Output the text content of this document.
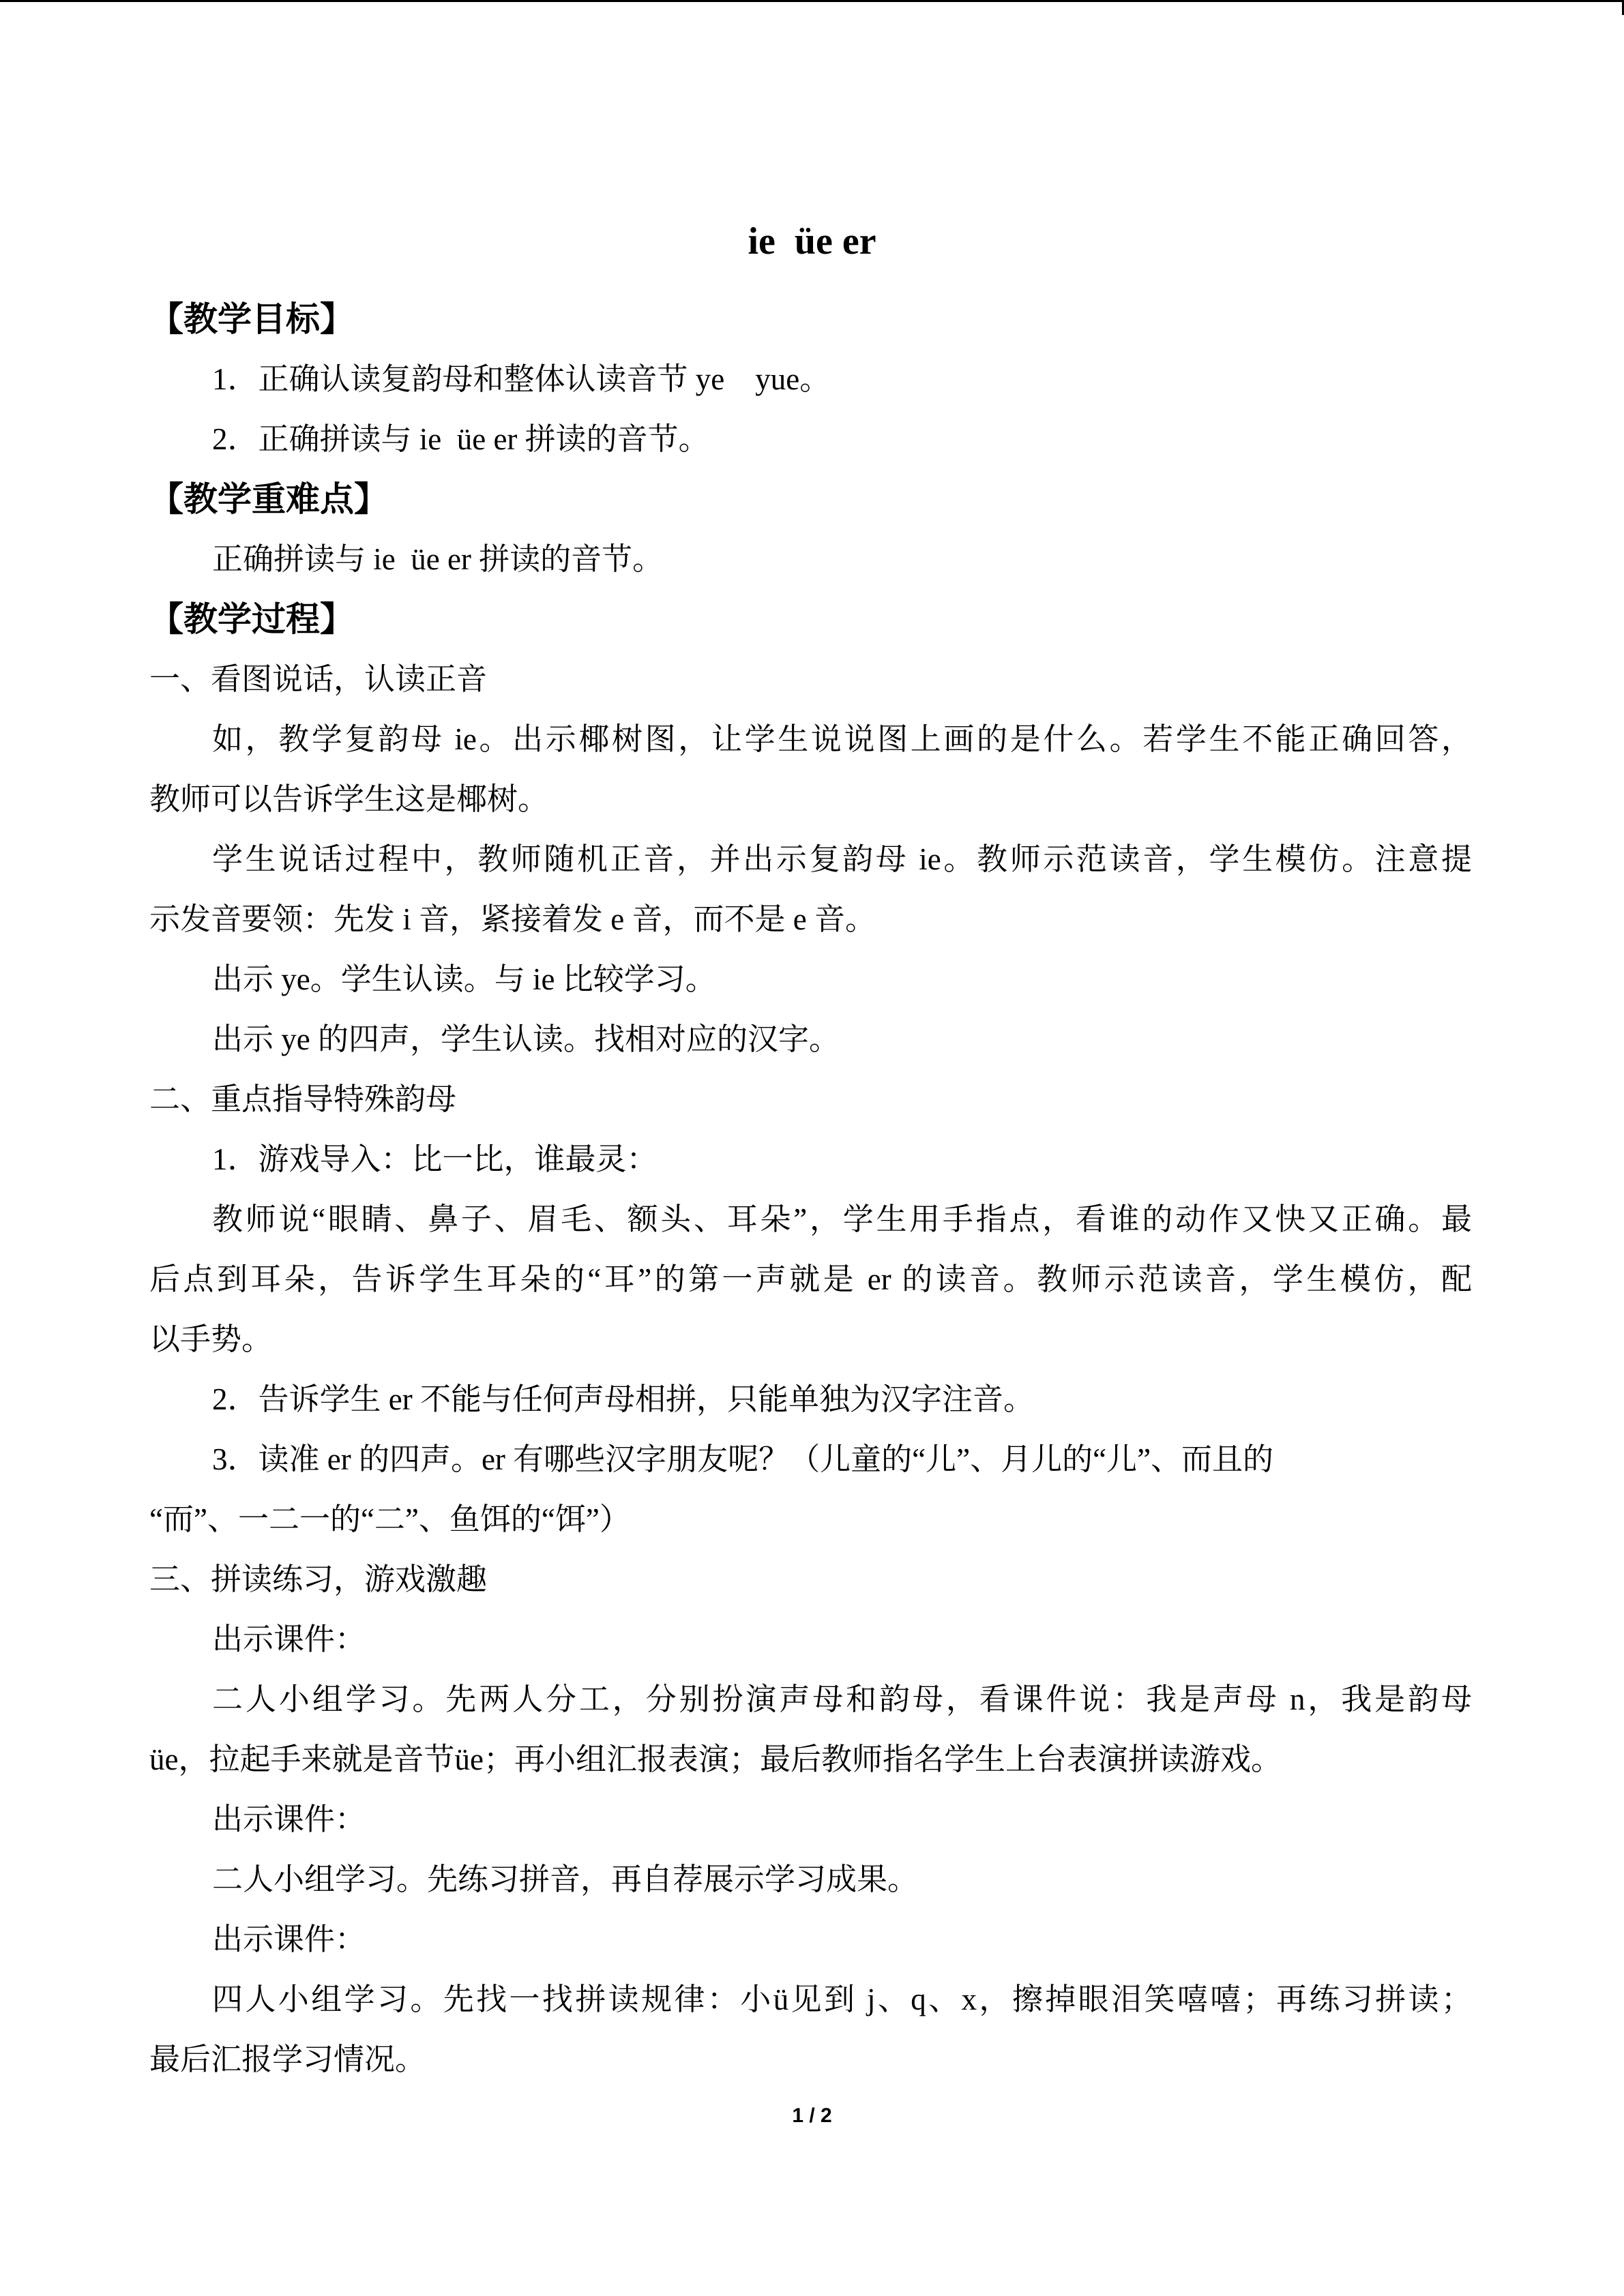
ie  üe er
【教学目标】
1．正确认读复韵母和整体认读音节 ye    yue。
2．正确拼读与 ie  üe er 拼读的音节。
【教学重难点】
正确拼读与 ie  üe er 拼读的音节。
【教学过程】
一、看图说话，认读正音
如，教学复韵母 ie。出示椰树图，让学生说说图上画的是什么。若学生不能正确回答，
教师可以告诉学生这是椰树。
学生说话过程中，教师随机正音，并出示复韵母 ie。教师示范读音，学生模仿。注意提
示发音要领：先发 i 音，紧接着发 e 音，而不是 e 音。
出示 ye。学生认读。与 ie 比较学习。
出示 ye 的四声，学生认读。找相对应的汉字。
二、重点指导特殊韵母
1．游戏导入：比一比，谁最灵：
教师说“眼睛、鼻子、眉毛、额头、耳朵”，学生用手指点，看谁的动作又快又正确。最
后点到耳朵，告诉学生耳朵的“耳”的第一声就是 er 的读音。教师示范读音，学生模仿，配
以手势。
2．告诉学生 er 不能与任何声母相拼，只能单独为汉字注音。
3．读准 er 的四声。er 有哪些汉字朋友呢？（儿童的“儿”、月儿的“儿”、而且的
“而”、一二一的“二”、鱼饵的“饵”）
三、拼读练习，游戏激趣
出示课件：
二人小组学习。先两人分工，分别扮演声母和韵母，看课件说：我是声母 n，我是韵母
üe，拉起手来就是音节üe；再小组汇报表演；最后教师指名学生上台表演拼读游戏。
出示课件：
二人小组学习。先练习拼音，再自荐展示学习成果。
出示课件：
四人小组学习。先找一找拼读规律：小ü见到 j、q、x，擦掉眼泪笑嘻嘻；再练习拼读；
最后汇报学习情况。
1 / 2
